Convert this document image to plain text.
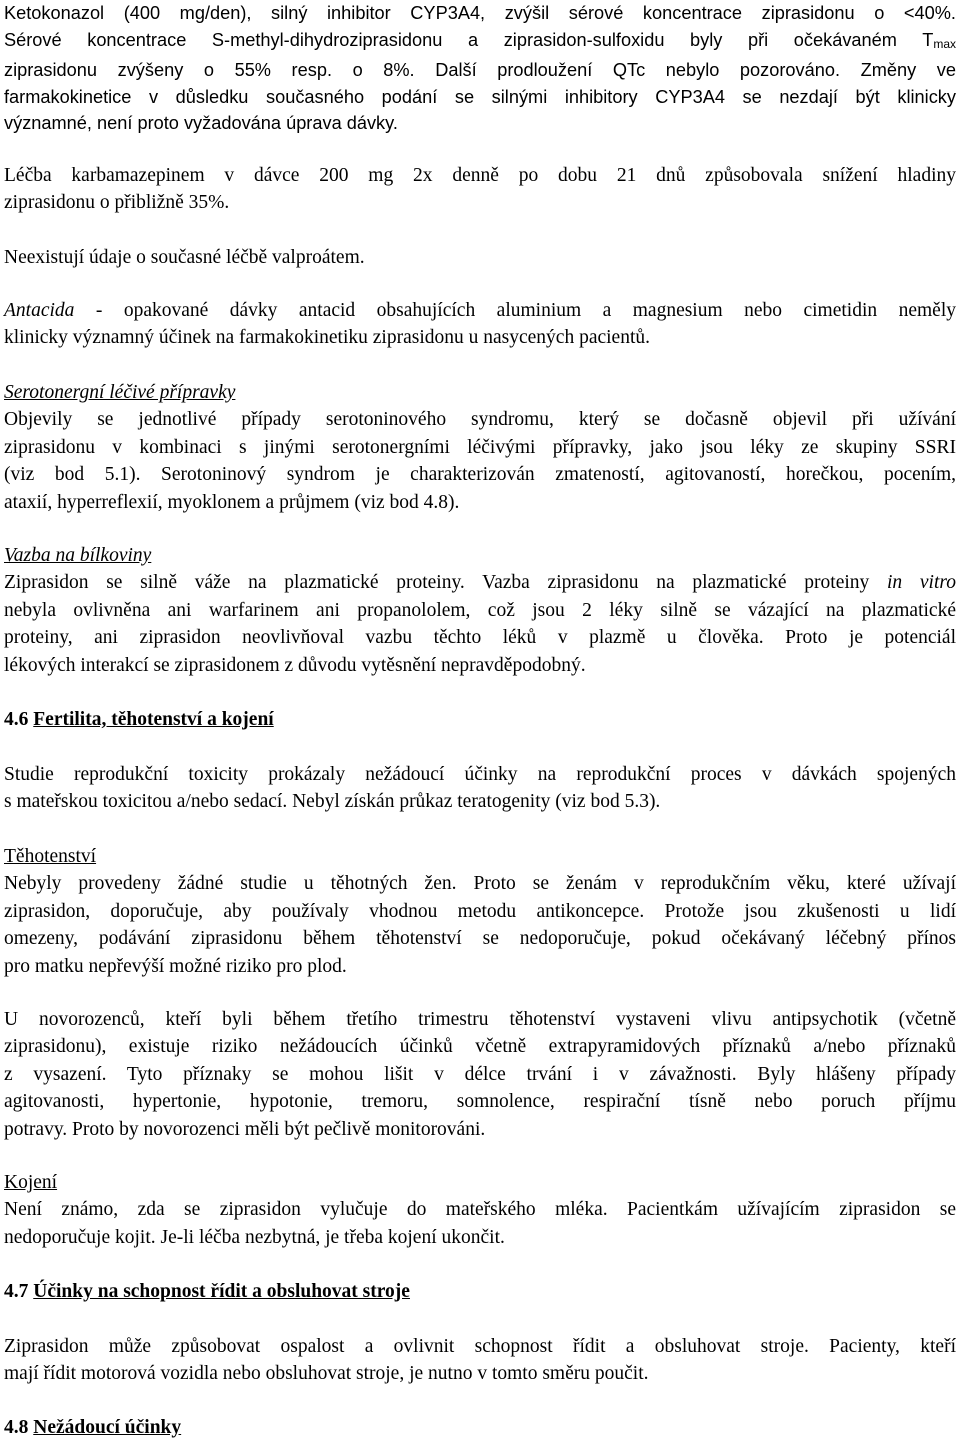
Ketokonazol (400 mg/den), silný inhibitor CYP3A4, zvýšil sérové koncentrace ziprasidonu o <40%.
Sérové koncentrace S-methyl-dihydroziprasidonu a ziprasidon-sulfoxidu byly při očekávaném $T_{max}$
ziprasidonu zvýšeny o 55% resp. o 8%. Další prodloužení QTc nebylo pozorováno. Změny ve
farmakokinetice v důsledku současného podání se silnými inhibitory CYP3A4 se nezdají být klinicky
významné, není proto vyžadována úprava dávky.
Léčba karbamazepinem v dávce 200 mg 2x denně po dobu 21 dnů způsobovala snížení hladiny
ziprasidonu o přibližně 35%.
Neexistují údaje o současné léčbě valproátem.
Antacida - opakované dávky antacid obsahujících aluminium a magnesium nebo cimetidin neměly
klinicky významný účinek na farmakokinetiku ziprasidonu u nasycených pacientů.
Serotonergní léčivé přípravky
Objevily se jednotlivé případy serotoninového syndromu, který se dočasně objevil při užívání
ziprasidonu v kombinaci s jinými serotonergními léčivými přípravky, jako jsou léky ze skupiny SSRI
(viz bod 5.1). Serotoninový syndrom je charakterizován zmateností, agitovaností, horečkou, pocením,
ataxií, hyperreflexií, myoklonem a průjmem (viz bod 4.8).
Vazba na bílkoviny
Ziprasidon se silně váže na plazmatické proteiny. Vazba ziprasidonu na plazmatické proteiny in vitro
nebyla ovlivněna ani warfarinem ani propanololem, což jsou 2 léky silně se vázající na plazmatické
proteiny, ani ziprasidon neovlivňoval vazbu těchto léků v plazmě u člověka. Proto je potenciál
lékových interakcí se ziprasidonem z důvodu vytěsnění nepravděpodobný.
4.6 Fertilita, těhotenství a kojení
Studie reprodukční toxicity prokázaly nežádoucí účinky na reprodukční proces v dávkách spojených
s mateřskou toxicitou a/nebo sedací. Nebyl získán průkaz teratogenity (viz bod 5.3).
Těhotenství
Nebyly provedeny žádné studie u těhotných žen. Proto se ženám v reprodukčním věku, které užívají
ziprasidon, doporučuje, aby používaly vhodnou metodu antikoncepce. Protože jsou zkušenosti u lidí
omezeny, podávání ziprasidonu během těhotenství se nedoporučuje, pokud očekávaný léčebný přínos
pro matku nepřevýší možné riziko pro plod.
U novorozenců, kteří byli během třetího trimestru těhotenství vystaveni vlivu antipsychotik (včetně
ziprasidonu), existuje riziko nežádoucích účinků včetně extrapyramidových příznaků a/nebo příznaků
z vysazení. Tyto příznaky se mohou lišit v délce trvání i v závažnosti. Byly hlášeny případy
agitovanosti, hypertonie, hypotonie, tremoru, somnolence, respirační tísně nebo poruch příjmu
potravy. Proto by novorozenci měli být pečlivě monitorováni.
Kojení
Není známo, zda se ziprasidon vylučuje do mateřského mléka. Pacientkám užívajícím ziprasidon se
nedoporučuje kojit. Je-li léčba nezbytná, je třeba kojení ukončit.
4.7 Účinky na schopnost řídit a obsluhovat stroje
Ziprasidon může způsobovat ospalost a ovlivnit schopnost řídit a obsluhovat stroje. Pacienty, kteří
mají řídit motorová vozidla nebo obsluhovat stroje, je nutno v tomto směru poučit.
4.8 Nežádoucí účinky
